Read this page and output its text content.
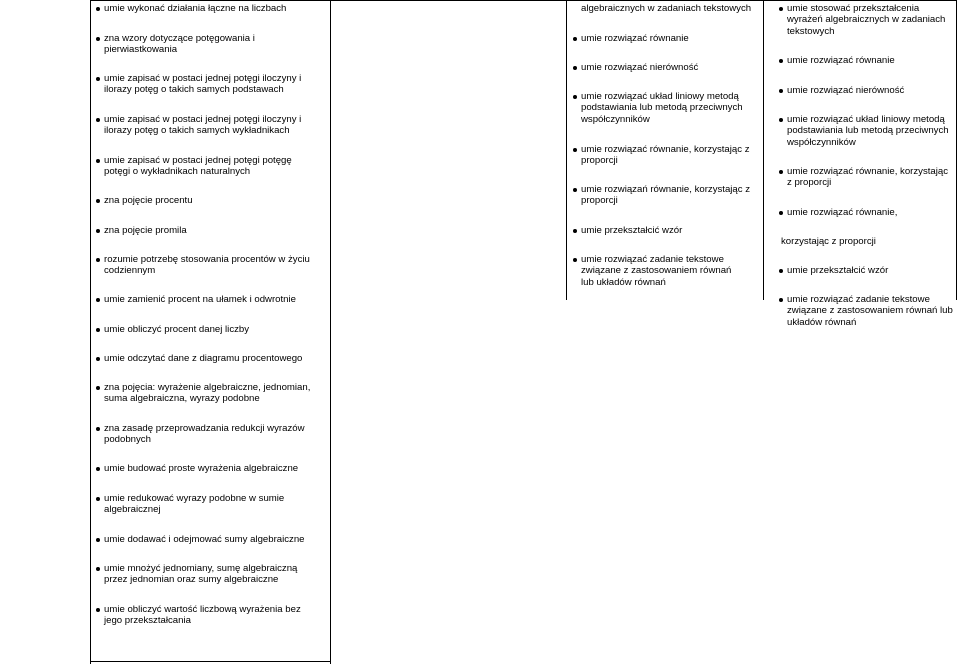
umie wykonać działania łączne na liczbach
zna wzory dotyczące potęgowania i pierwiastkowania
umie zapisać w postaci jednej potęgi iloczyny i ilorazy potęg o takich samych podstawach
umie zapisać w postaci jednej potęgi iloczyny i ilorazy potęg o takich samych wykładnikach
umie zapisać w postaci jednej potęgi potęgę potęgi o wykładnikach naturalnych
zna pojęcie procentu
zna pojęcie promila
rozumie potrzebę stosowania procentów w życiu codziennym
umie zamienić procent na ułamek i odwrotnie
umie obliczyć procent danej liczby
umie odczytać dane z diagramu procentowego
zna pojęcia: wyrażenie algebraiczne, jednomian, suma algebraiczna, wyrazy podobne
zna zasadę przeprowadzania redukcji wyrazów podobnych
umie budować proste wyrażenia algebraiczne
umie redukować wyrazy podobne w sumie algebraicznej
umie dodawać i odejmować sumy algebraiczne
umie mnożyć jednomiany, sumę algebraiczną przez jednomian oraz sumy algebraiczne
umie obliczyć wartość liczbową wyrażenia bez jego przekształcania
algebraicznych w zadaniach tekstowych
umie rozwiązać równanie
umie rozwiązać nierówność
umie rozwiązać układ liniowy metodą podstawiania lub metodą przeciwnych współczynników
umie rozwiązać równanie, korzystając z proporcji
umie rozwiązań równanie, korzystając z proporcji
umie przekształcić wzór
umie rozwiązać zadanie tekstowe związane z zastosowaniem równań lub układów równań
umie stosować przekształcenia wyrażeń algebraicznych w zadaniach tekstowych
umie rozwiązać równanie
umie rozwiązać nierówność
umie rozwiązać układ liniowy metodą podstawiania lub metodą przeciwnych współczynników
umie rozwiązać równanie, korzystając z proporcji
umie rozwiązać równanie,
korzystając z proporcji
umie przekształcić wzór
umie rozwiązać zadanie tekstowe związane z zastosowaniem równań lub układów równań
